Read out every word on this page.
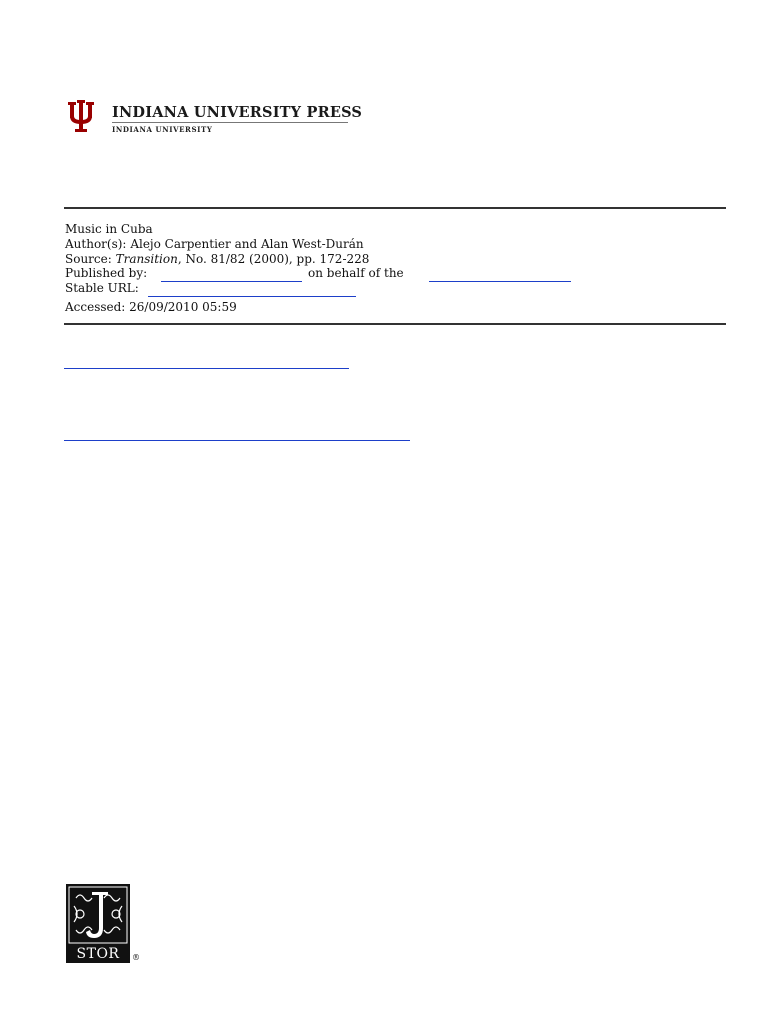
INDIANA UNIVERSITY PRESS
INDIANA UNIVERSITY
Music in Cuba
Author(s): Alejo Carpentier and Alan West-Durán
Source: Transition, No. 81/82 (2000), pp. 172-228
Published by:	on behalf of the
Stable URL:
Accessed: 26/09/2010 05:59
STOR	®
